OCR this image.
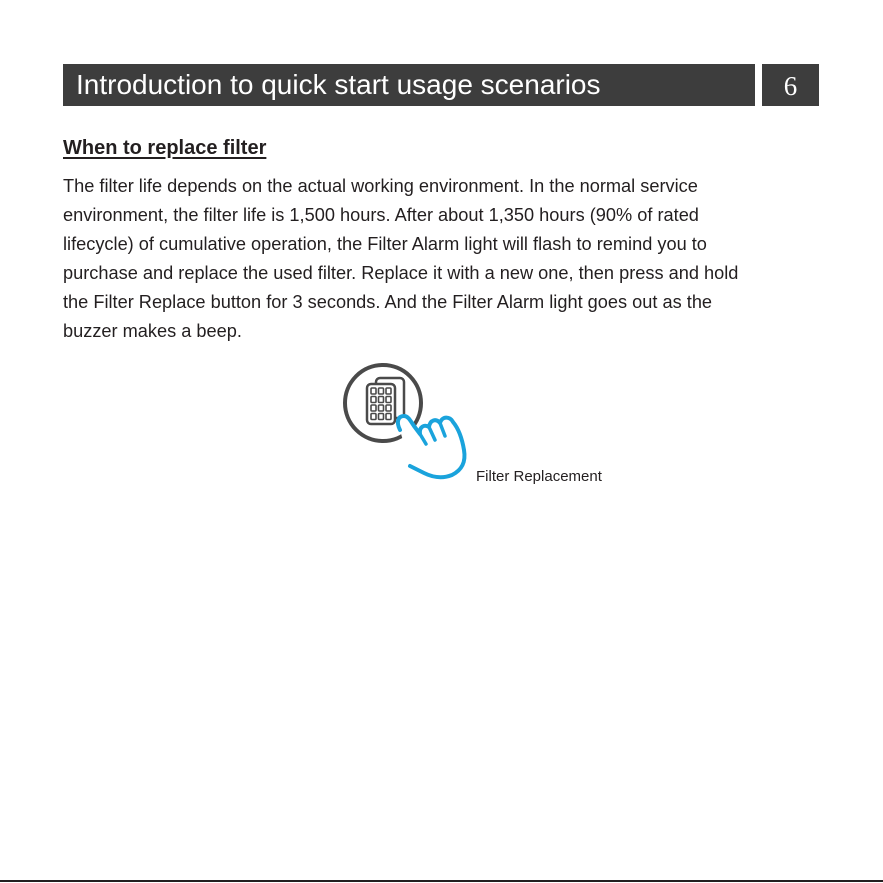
Introduction to quick start usage scenarios	6
When to replace filter
The filter life depends on the actual working environment. In the normal service
environment, the filter life is 1,500 hours. After about 1,350 hours (90% of rated
lifecycle) of cumulative operation, the Filter Alarm light will flash to remind you to
purchase and replace the used filter. Replace it with a new one, then press and hold
the Filter Replace button for 3 seconds. And the Filter Alarm light goes out as the
buzzer makes a beep.
Filter Replacement
